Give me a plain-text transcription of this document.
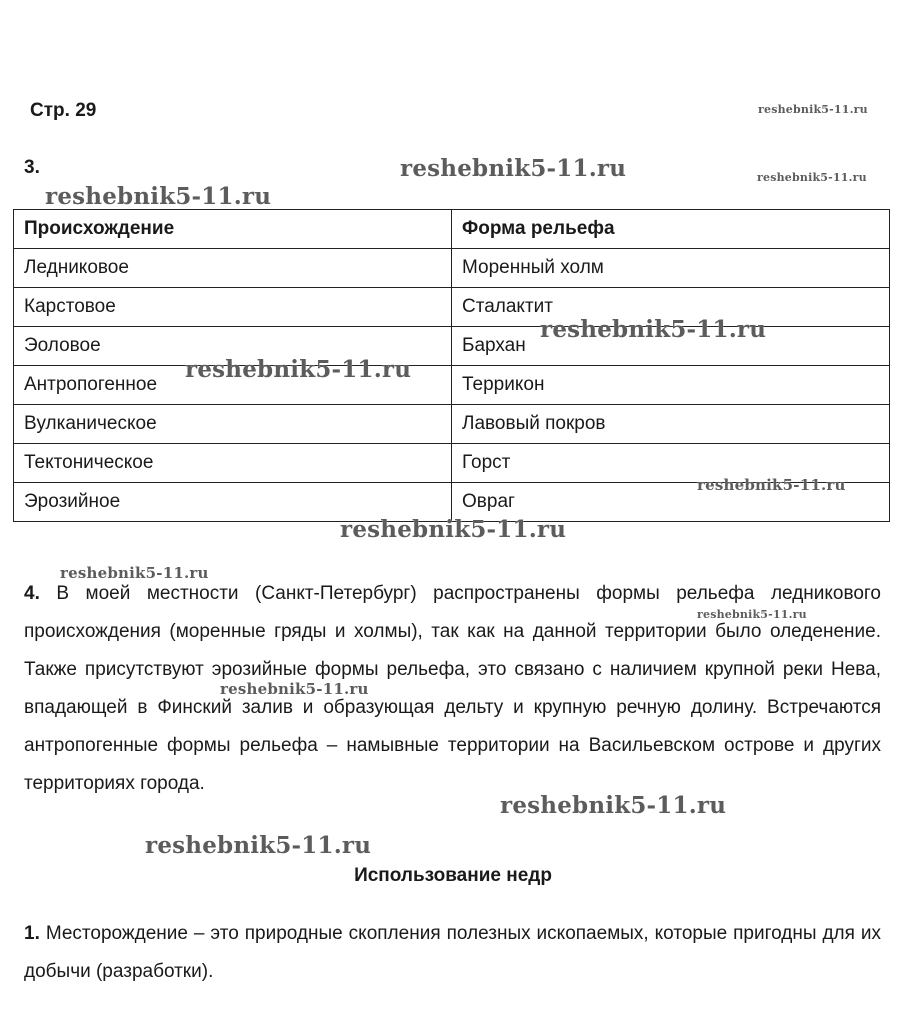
Стр. 29
3.
Происхождение	Форма рельефа
Ледниковое	Моренный холм
Карстовое	Сталактит
Эоловое	Бархан
Антропогенное	Террикон
Вулканическое	Лавовый покров
Тектоническое	Горст
Эрозийное	Овраг
4. В моей местности (Санкт-Петербург) распространены формы рельефа ледникового происхождения (моренные гряды и холмы), так как на данной территории было оледенение. Также присутствуют эрозийные формы рельефа, это связано с наличием крупной реки Нева, впадающей в Финский залив и образующая дельту и крупную речную долину. Встречаются антропогенные формы рельефа – намывные территории на Васильевском острове и других территориях города.
Использование недр
1. Месторождение – это природные скопления полезных ископаемых, которые пригодны для их добычи (разработки).
reshebnik5-11.ru
reshebnik5-11.ru	reshebnik5-11.ru
reshebnik5-11.ru
reshebnik5-11.ru
reshebnik5-11.ru
reshebnik5-11.ru
reshebnik5-11.ru
reshebnik5-11.ru
reshebnik5-11.ru
reshebnik5-11.ru
reshebnik5-11.ru
reshebnik5-11.ru
